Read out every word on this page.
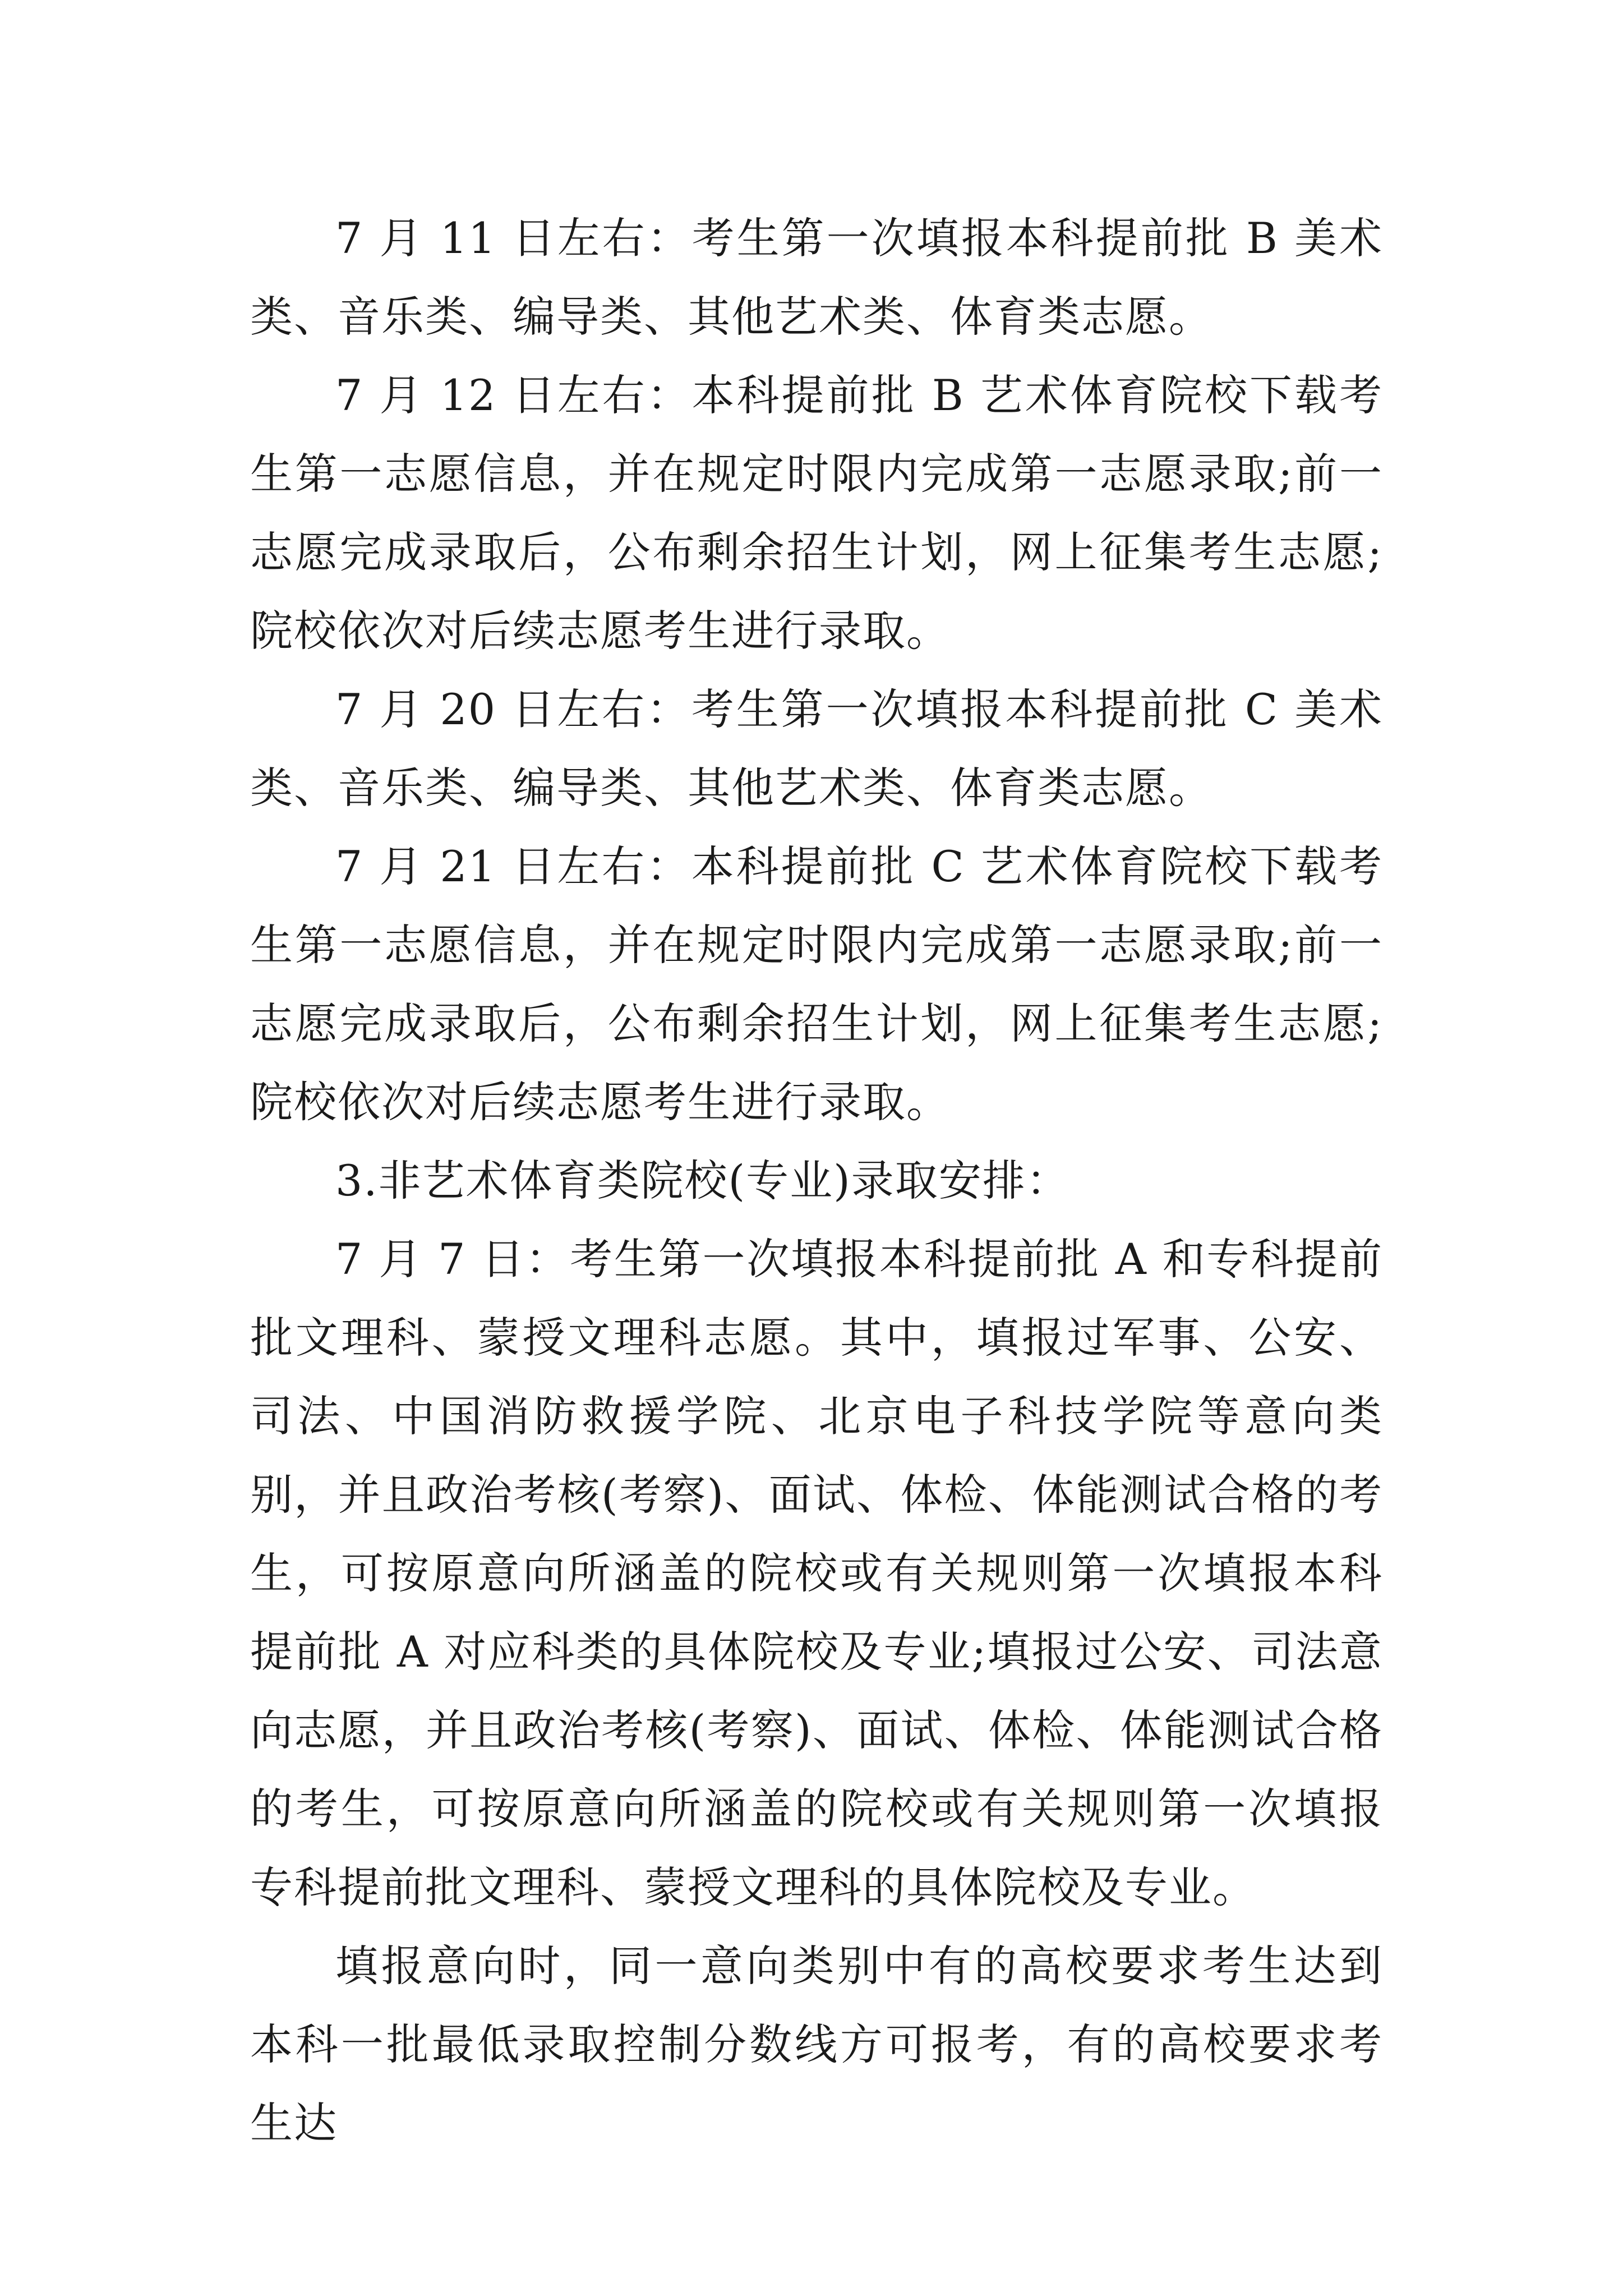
7 月 11 日左右：考生第一次填报本科提前批 B 美术类、音乐类、编导类、其他艺术类、体育类志愿。

7 月 12 日左右：本科提前批 B 艺术体育院校下载考生第一志愿信息，并在规定时限内完成第一志愿录取;前一志愿完成录取后，公布剩余招生计划，网上征集考生志愿;院校依次对后续志愿考生进行录取。

7 月 20 日左右：考生第一次填报本科提前批 C 美术类、音乐类、编导类、其他艺术类、体育类志愿。

7 月 21 日左右：本科提前批 C 艺术体育院校下载考生第一志愿信息，并在规定时限内完成第一志愿录取;前一志愿完成录取后，公布剩余招生计划，网上征集考生志愿;院校依次对后续志愿考生进行录取。

3.非艺术体育类院校(专业)录取安排：

7 月 7 日：考生第一次填报本科提前批 A 和专科提前批文理科、蒙授文理科志愿。其中，填报过军事、公安、司法、中国消防救援学院、北京电子科技学院等意向类别，并且政治考核(考察)、面试、体检、体能测试合格的考生，可按原意向所涵盖的院校或有关规则第一次填报本科提前批 A 对应科类的具体院校及专业;填报过公安、司法意向志愿，并且政治考核(考察)、面试、体检、体能测试合格的考生，可按原意向所涵盖的院校或有关规则第一次填报专科提前批文理科、蒙授文理科的具体院校及专业。

填报意向时，同一意向类别中有的高校要求考生达到本科一批最低录取控制分数线方可报考，有的高校要求考生达
